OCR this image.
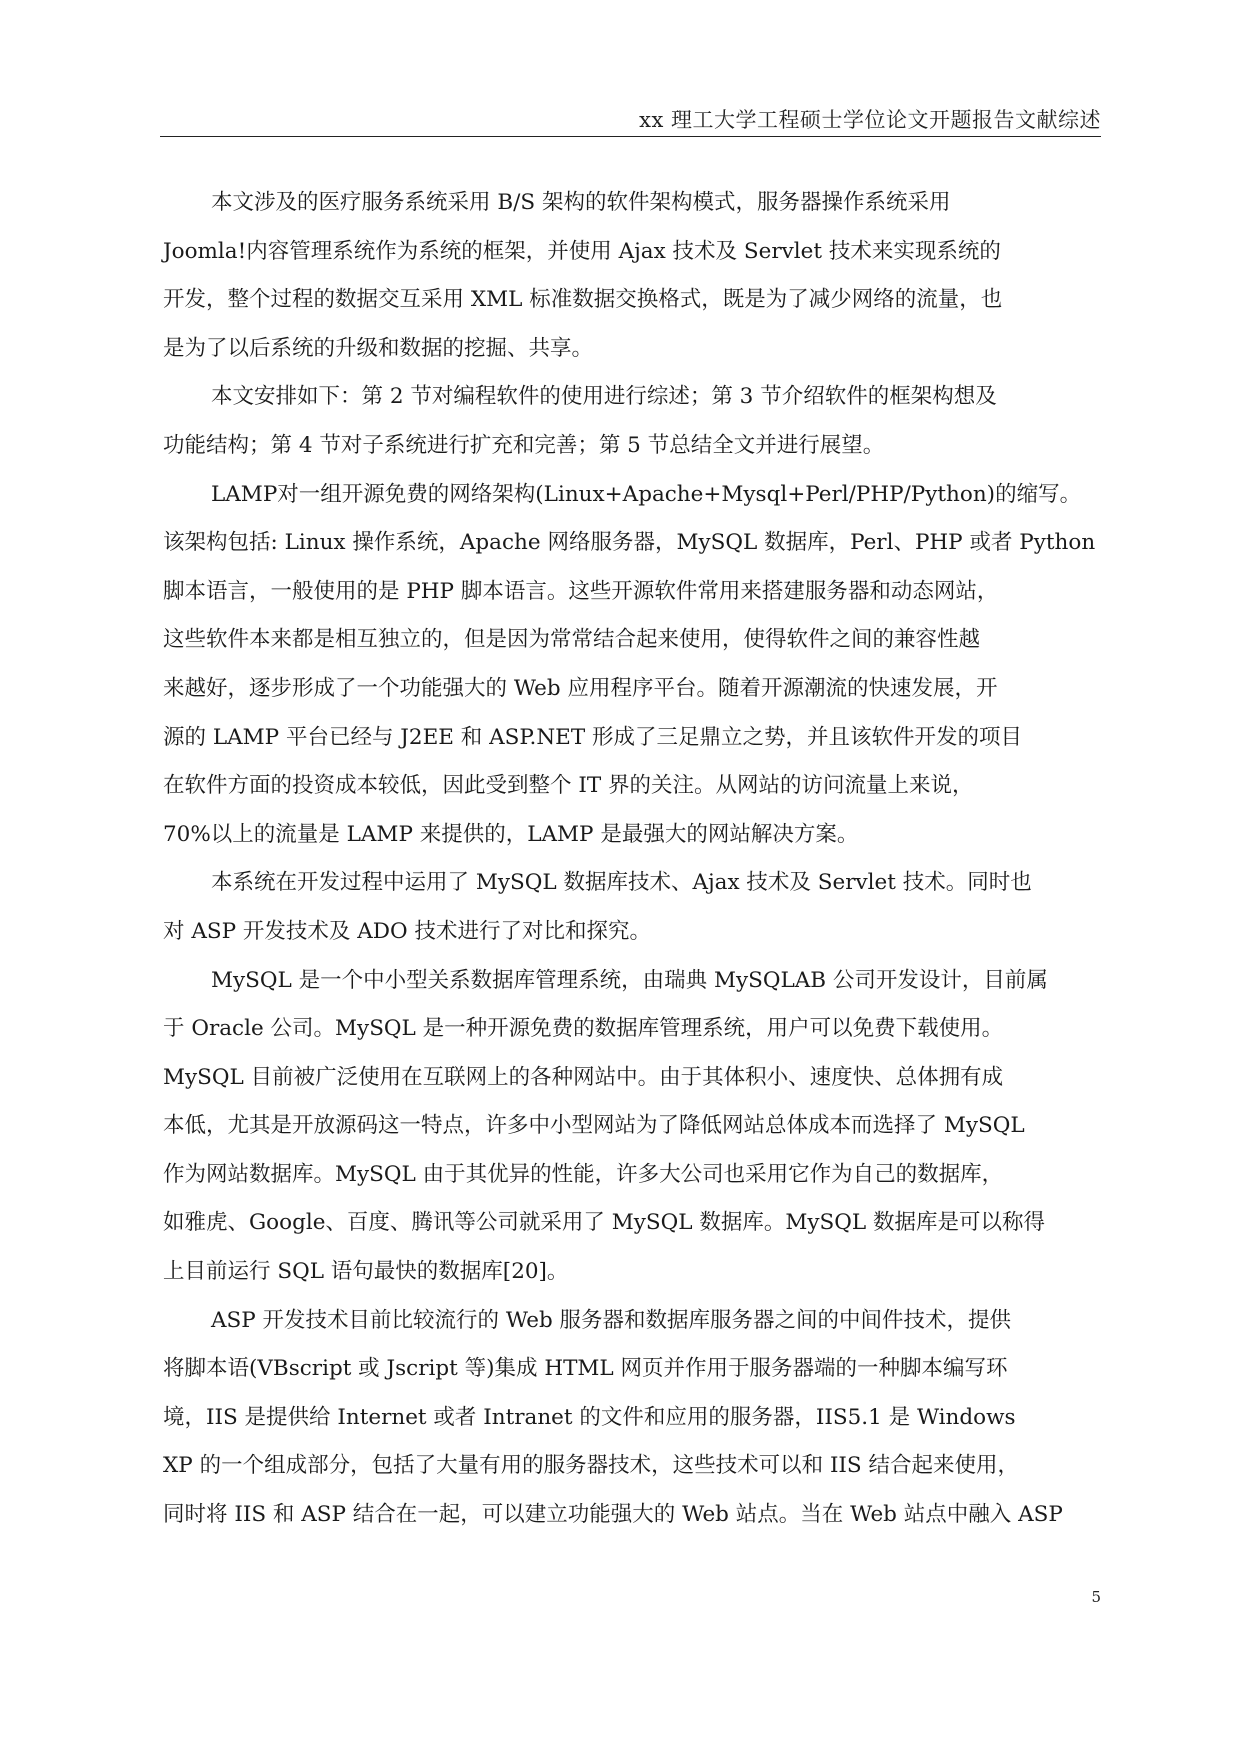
xx 理工大学工程硕士学位论文开题报告文献综述
本文涉及的医疗服务系统采用 B/S 架构的软件架构模式，服务器操作系统采用
Joomla!内容管理系统作为系统的框架，并使用 Ajax 技术及 Servlet 技术来实现系统的
开发，整个过程的数据交互采用 XML 标准数据交换格式，既是为了减少网络的流量，也
是为了以后系统的升级和数据的挖掘、共享。
本文安排如下：第 2 节对编程软件的使用进行综述；第 3 节介绍软件的框架构想及
功能结构；第 4 节对子系统进行扩充和完善；第 5 节总结全文并进行展望。
LAMP对一组开源免费的网络架构(Linux+Apache+Mysql+Perl/PHP/Python)的缩写。
该架构包括: Linux 操作系统，Apache 网络服务器，MySQL 数据库，Perl、PHP 或者 Python
脚本语言，一般使用的是 PHP 脚本语言。这些开源软件常用来搭建服务器和动态网站，
这些软件本来都是相互独立的，但是因为常常结合起来使用，使得软件之间的兼容性越
来越好，逐步形成了一个功能强大的 Web 应用程序平台。随着开源潮流的快速发展，开
源的 LAMP 平台已经与 J2EE 和 ASP.NET 形成了三足鼎立之势，并且该软件开发的项目
在软件方面的投资成本较低，因此受到整个 IT 界的关注。从网站的访问流量上来说，
70%以上的流量是 LAMP 来提供的，LAMP 是最强大的网站解决方案。
本系统在开发过程中运用了 MySQL 数据库技术、Ajax 技术及 Servlet 技术。同时也
对 ASP 开发技术及 ADO 技术进行了对比和探究。
MySQL 是一个中小型关系数据库管理系统，由瑞典 MySQLAB 公司开发设计，目前属
于 Oracle 公司。MySQL 是一种开源免费的数据库管理系统，用户可以免费下载使用。
MySQL 目前被广泛使用在互联网上的各种网站中。由于其体积小、速度快、总体拥有成
本低，尤其是开放源码这一特点，许多中小型网站为了降低网站总体成本而选择了 MySQL
作为网站数据库。MySQL 由于其优异的性能，许多大公司也采用它作为自己的数据库，
如雅虎、Google、百度、腾讯等公司就采用了 MySQL 数据库。MySQL 数据库是可以称得
上目前运行 SQL 语句最快的数据库[20]。
ASP 开发技术目前比较流行的 Web 服务器和数据库服务器之间的中间件技术，提供
将脚本语(VBscript 或 Jscript 等)集成 HTML 网页并作用于服务器端的一种脚本编写环
境，IIS 是提供给 Internet 或者 Intranet 的文件和应用的服务器，IIS5.1 是 Windows
XP 的一个组成部分，包括了大量有用的服务器技术，这些技术可以和 IIS 结合起来使用，
同时将 IIS 和 ASP 结合在一起，可以建立功能强大的 Web 站点。当在 Web 站点中融入 ASP
5
